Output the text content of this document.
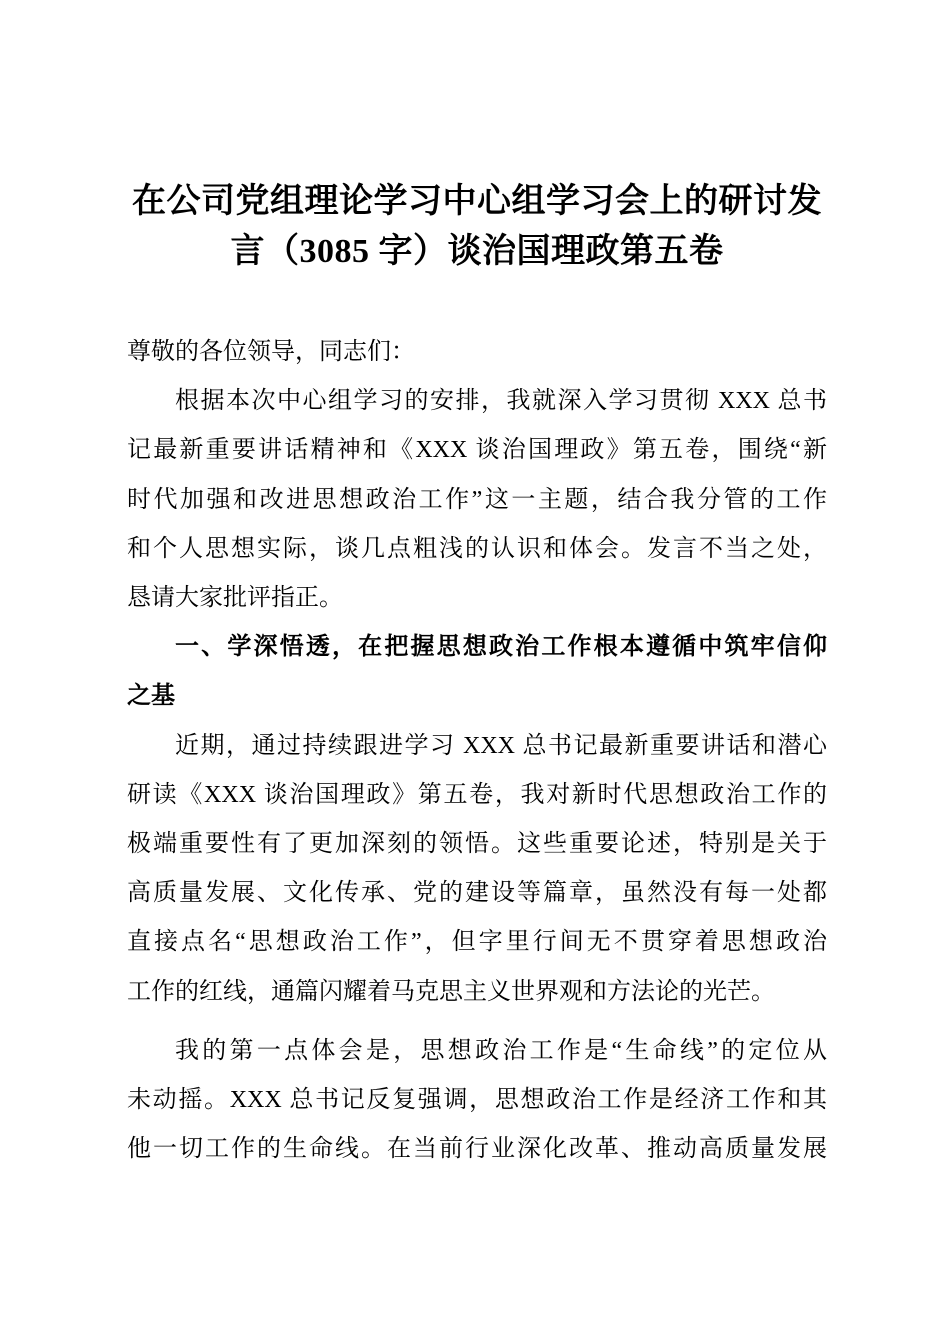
在公司党组理论学习中心组学习会上的研讨发
言（3085 字）谈治国理政第五卷
尊敬的各位领导，同志们：
根据本次中心组学习的安排，我就深入学习贯彻 XXX 总书
记最新重要讲话精神和《XXX 谈治国理政》第五卷，围绕“新
时代加强和改进思想政治工作”这一主题，结合我分管的工作
和个人思想实际，谈几点粗浅的认识和体会。发言不当之处，
恳请大家批评指正。
一、学深悟透，在把握思想政治工作根本遵循中筑牢信仰
之基
近期，通过持续跟进学习 XXX 总书记最新重要讲话和潜心
研读《XXX 谈治国理政》第五卷，我对新时代思想政治工作的
极端重要性有了更加深刻的领悟。这些重要论述，特别是关于
高质量发展、文化传承、党的建设等篇章，虽然没有每一处都
直接点名“思想政治工作”，但字里行间无不贯穿着思想政治
工作的红线，通篇闪耀着马克思主义世界观和方法论的光芒。
我的第一点体会是，思想政治工作是“生命线”的定位从
未动摇。XXX 总书记反复强调，思想政治工作是经济工作和其
他一切工作的生命线。在当前行业深化改革、推动高质量发展
